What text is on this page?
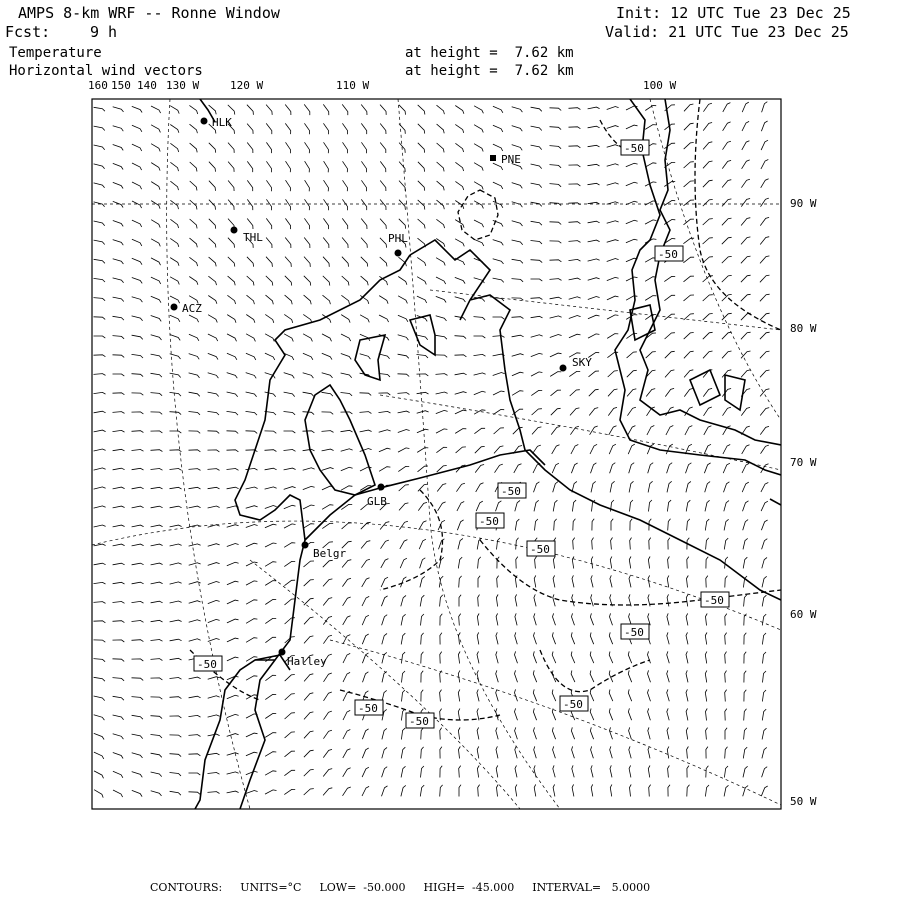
AMPS 8-km WRF -- Ronne Window	Init: 12 UTC Tue 23 Dec 25
Fcst:	9 h	Valid: 21 UTC Tue 23 Dec 25
Temperature
Horizontal wind vectors
at height =  7.62 km
at height =  7.62 km
160 150 140 130 W	120 W	110 W	100 W
90 W
80 W
70 W
60 W
50 W
-50
-50
-50
-50
-50
-50
-50
-50
-50
-50
-50
HLK
PNE
THL	PHL
ACZ
SKY
GLB
Belgr
Halley
CONTOURS: UNITS=°C LOW=  -50.000 HIGH=  -45.000 INTERVAL=   5.0000
